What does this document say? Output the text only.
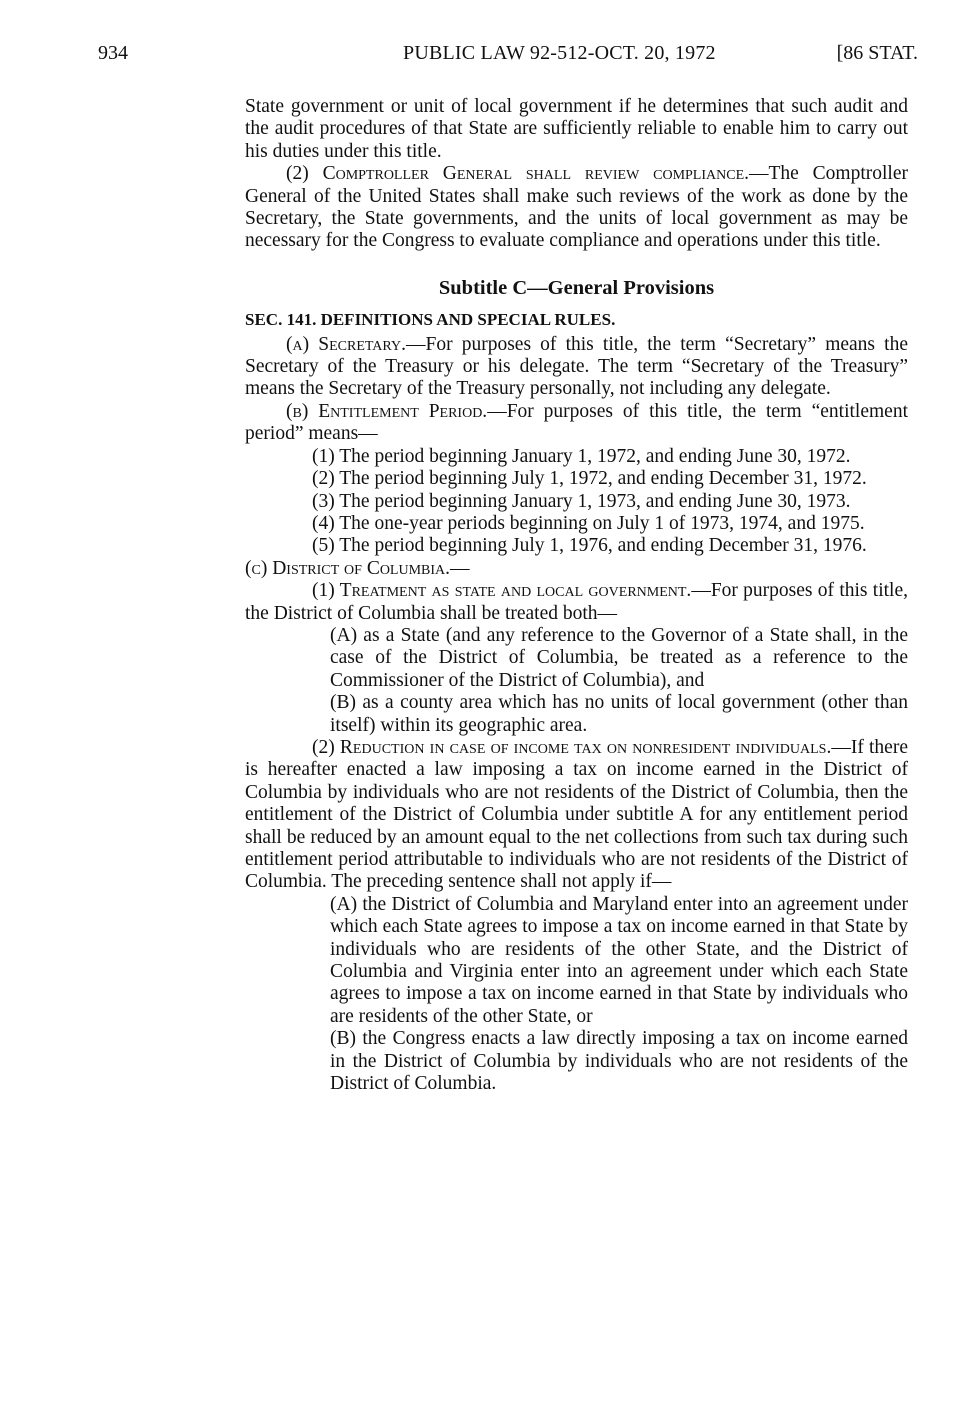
934	PUBLIC LAW 92-512-OCT. 20, 1972	[86 STAT.

State government or unit of local government if he determines that such audit and the audit procedures of that State are sufficiently reliable to enable him to carry out his duties under this title.

(2) Comptroller General shall review compliance.—The Comptroller General of the United States shall make such reviews of the work as done by the Secretary, the State governments, and the units of local government as may be necessary for the Congress to evaluate compliance and operations under this title.

Subtitle C—General Provisions

SEC. 141. DEFINITIONS AND SPECIAL RULES.

(a) Secretary.—For purposes of this title, the term “Secretary” means the Secretary of the Treasury or his delegate. The term “Secretary of the Treasury” means the Secretary of the Treasury personally, not including any delegate.

(b) Entitlement Period.—For purposes of this title, the term “entitlement period” means—

(1) The period beginning January 1, 1972, and ending June 30, 1972.

(2) The period beginning July 1, 1972, and ending December 31, 1972.

(3) The period beginning January 1, 1973, and ending June 30, 1973.

(4) The one-year periods beginning on July 1 of 1973, 1974, and 1975.

(5) The period beginning July 1, 1976, and ending December 31, 1976.

(c) District of Columbia.—

(1) Treatment as state and local government.—For purposes of this title, the District of Columbia shall be treated both—

(A) as a State (and any reference to the Governor of a State shall, in the case of the District of Columbia, be treated as a reference to the Commissioner of the District of Columbia), and

(B) as a county area which has no units of local government (other than itself) within its geographic area.

(2) Reduction in case of income tax on nonresident individuals.—If there is hereafter enacted a law imposing a tax on income earned in the District of Columbia by individuals who are not residents of the District of Columbia, then the entitlement of the District of Columbia under subtitle A for any entitlement period shall be reduced by an amount equal to the net collections from such tax during such entitlement period attributable to individuals who are not residents of the District of Columbia. The preceding sentence shall not apply if—

(A) the District of Columbia and Maryland enter into an agreement under which each State agrees to impose a tax on income earned in that State by individuals who are residents of the other State, and the District of Columbia and Virginia enter into an agreement under which each State agrees to impose a tax on income earned in that State by individuals who are residents of the other State, or

(B) the Congress enacts a law directly imposing a tax on income earned in the District of Columbia by individuals who are not residents of the District of Columbia.
